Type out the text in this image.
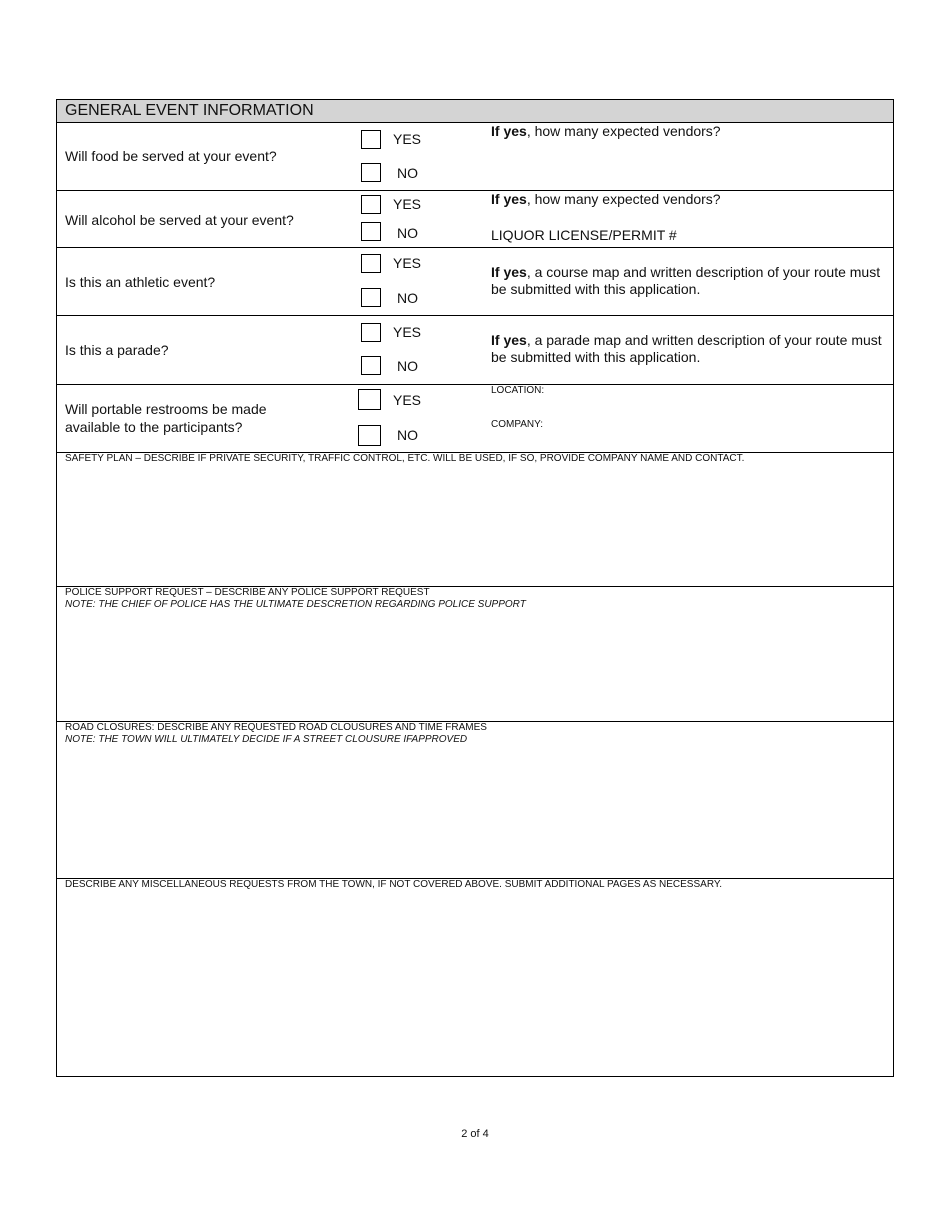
GENERAL EVENT INFORMATION
Will food be served at your event?
YES
NO
If yes, how many expected vendors?
Will alcohol be served at your event?
YES
NO
If yes, how many expected vendors?
LIQUOR LICENSE/PERMIT #
Is this an athletic event?
YES
NO
If yes, a course map and written description of your route must be submitted with this application.
Is this a parade?
YES
NO
If yes, a parade map and written description of your route must be submitted with this application.
Will portable restrooms be made available to the participants?
YES
NO
LOCATION:
COMPANY:
SAFETY PLAN – DESCRIBE IF PRIVATE SECURITY, TRAFFIC CONTROL, ETC. WILL BE USED, IF SO, PROVIDE COMPANY NAME AND CONTACT.
POLICE SUPPORT REQUEST – DESCRIBE ANY POLICE SUPPORT REQUEST
NOTE: THE CHIEF OF POLICE HAS THE ULTIMATE DESCRETION REGARDING POLICE SUPPORT
ROAD CLOSURES: DESCRIBE ANY REQUESTED ROAD CLOUSURES AND TIME FRAMES
NOTE: THE TOWN WILL ULTIMATELY DECIDE IF A STREET CLOUSURE IFAPPROVED
DESCRIBE ANY MISCELLANEOUS REQUESTS FROM THE TOWN, IF NOT COVERED ABOVE. SUBMIT ADDITIONAL PAGES AS NECESSARY.
2 of 4
